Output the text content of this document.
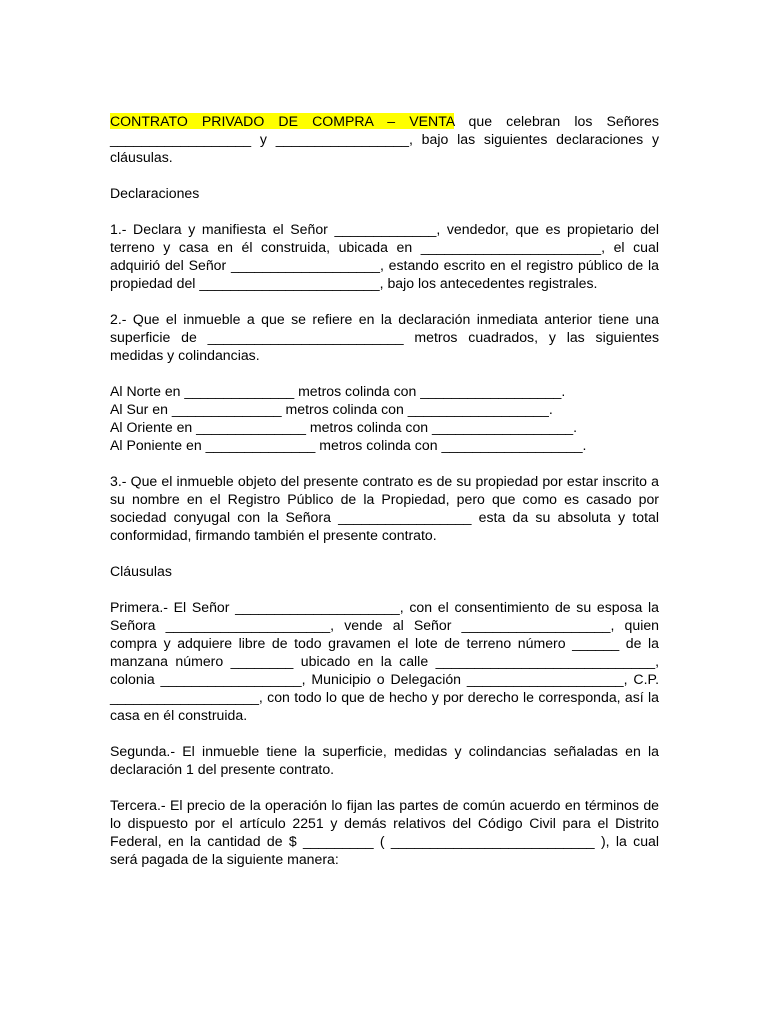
CONTRATO PRIVADO DE COMPRA – VENTA que celebran los Señores __________________ y _________________, bajo las siguientes declaraciones y cláusulas.

Declaraciones

1.- Declara y manifiesta el Señor _____________, vendedor, que es propietario del terreno y casa en él construida, ubicada en _______________________, el cual adquirió del Señor ___________________, estando escrito en el registro público de la propiedad del _______________________, bajo los antecedentes registrales.

2.- Que el inmueble a que se refiere en la declaración inmediata anterior tiene una superficie de _________________________ metros cuadrados, y las siguientes medidas y colindancias.

Al Norte en ______________ metros colinda con __________________.
Al Sur en ______________ metros colinda con __________________.
Al Oriente en ______________ metros colinda con __________________.
Al Poniente en ______________ metros colinda con __________________.

3.- Que el inmueble objeto del presente contrato es de su propiedad por estar inscrito a su nombre en el Registro Público de la Propiedad, pero que como es casado por sociedad conyugal con la Señora _________________ esta da su absoluta y total conformidad, firmando también el presente contrato.

Cláusulas

Primera.- El Señor _____________________, con el consentimiento de su esposa la Señora _____________________, vende al Señor ___________________, quien compra y adquiere libre de todo gravamen el lote de terreno número ______ de la manzana número ________ ubicado en la calle ____________________________, colonia __________________, Municipio o Delegación ____________________, C.P. ___________________, con todo lo que de hecho y por derecho le corresponda, así la casa en él construida.

Segunda.- El inmueble tiene la superficie, medidas y colindancias señaladas en la declaración 1 del presente contrato.

Tercera.- El precio de la operación lo fijan las partes de común acuerdo en términos de lo dispuesto por el artículo 2251 y demás relativos del Código Civil para el Distrito Federal, en la cantidad de $ _________ ( __________________________ ), la cual será pagada de la siguiente manera:
